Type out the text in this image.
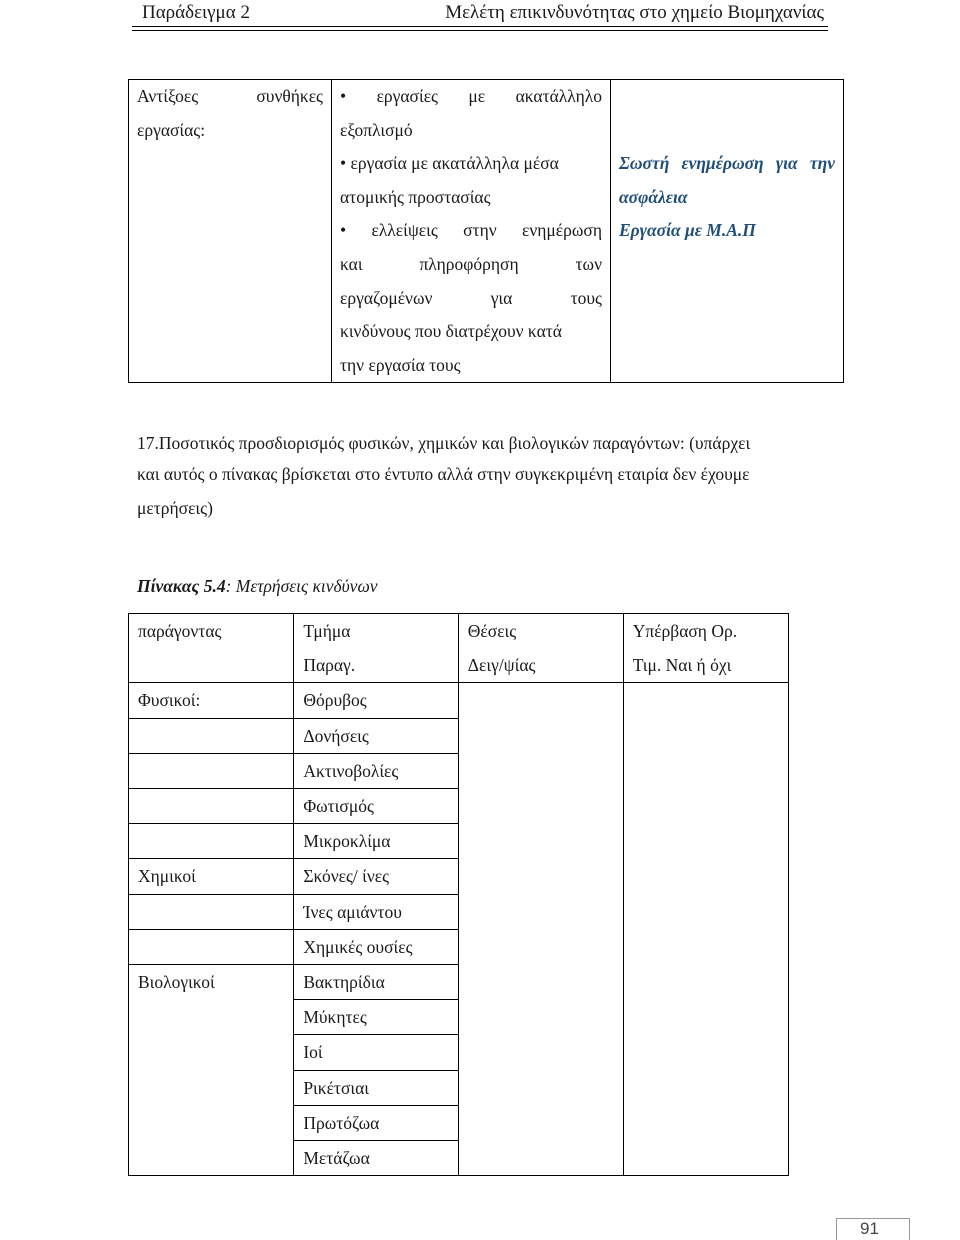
Παράδειγμα 2	Μελέτη επικινδυνότητας στο χημείο Βιομηχανίας
Αντίξοες	συνθήκες
εργασίας:

• εργασίες με ακατάλληλο
εξοπλισμό
• εργασία με ακατάλληλα μέσα
ατομικής προστασίας
• ελλείψεις στην ενημέρωση
και	πληροφόρηση	των
εργαζομένων	για	τους
κινδύνους που διατρέχουν κατά
την εργασία τους

Σωστή ενημέρωση για την
ασφάλεια
Εργασία με Μ.Α.Π
17.Ποσοτικός προσδιορισμός φυσικών, χημικών και βιολογικών παραγόντων: (υπάρχει
και αυτός ο πίνακας βρίσκεται στο έντυπο αλλά στην συγκεκριμένη εταιρία δεν έχουμε
μετρήσεις)
Πίνακας 5.4: Μετρήσεις κινδύνων
παράγοντας	Τμήμα	Θέσεις	Υπέρβαση Ορ.
	Παραγ.	Δειγ/ψίας	Τιμ. Ναι ή όχι
Φυσικοί:	Θόρυβος		
	Δονήσεις		
	Ακτινοβολίες		
	Φωτισμός		
	Μικροκλίμα		
Χημικοί	Σκόνες/ ίνες		
	Ίνες αμιάντου		
	Χημικές ουσίες		
Βιολογικοί	Βακτηρίδια		
	Μύκητες		
	Ιοί		
	Ρικέτσιαι		
	Πρωτόζωα		
	Μετάζωα		
91
